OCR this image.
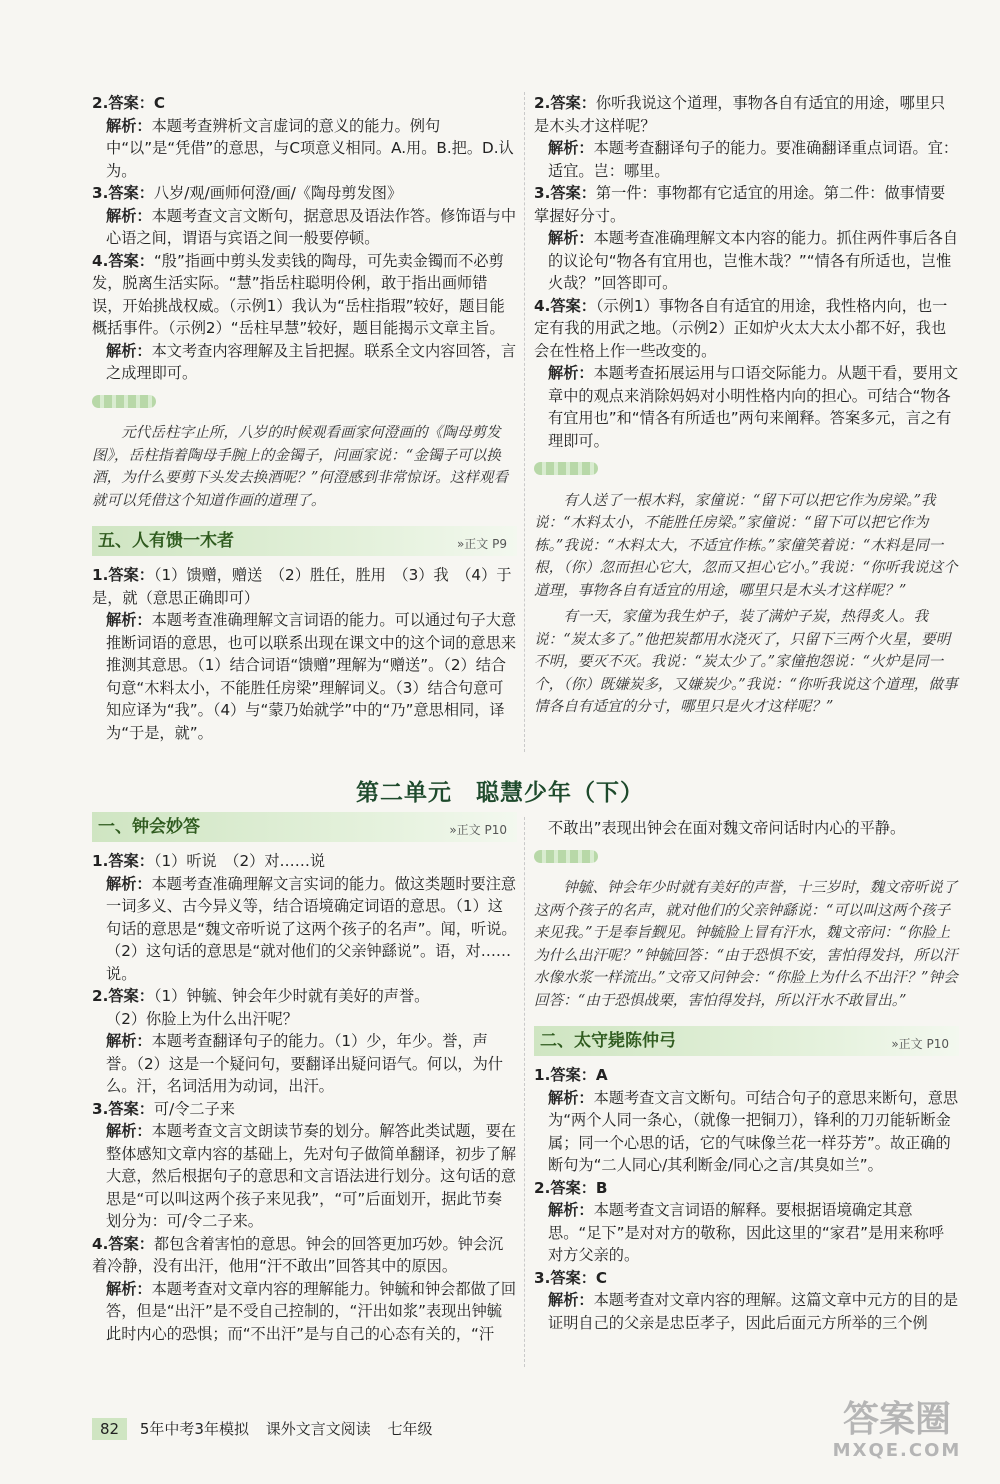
2.答案：C

解析：本题考查辨析文言虚词的意义的能力。例句中“以”是“凭借”的意思，与C项意义相同。A.用。B.把。D.认为。

3.答案：八岁/观/画师何澄/画/《陶母剪发图》

解析：本题考查文言文断句，据意思及语法作答。修饰语与中心语之间，谓语与宾语之间一般要停顿。

4.答案：“殷”指画中剪头发卖钱的陶母，可先卖金镯而不必剪发，脱离生活实际。“慧”指岳柱聪明伶俐，敢于指出画师错误，开始挑战权威。（示例1）我认为“岳柱指瑕”较好，题目能概括事件。（示例2）“岳柱早慧”较好，题目能揭示文章主旨。

解析：本文考查内容理解及主旨把握。联系全文内容回答，言之成理即可。

元代岳柱字止所，八岁的时候观看画家何澄画的《陶母剪发图》，岳柱指着陶母手腕上的金镯子，问画家说：“金镯子可以换酒，为什么要剪下头发去换酒呢？”何澄感到非常惊讶。这样观看就可以凭借这个知道作画的道理了。

五、人有馈一木者	»正文 P9

1.答案：（1）馈赠，赠送　（2）胜任，胜用　（3）我　（4）于是，就（意思正确即可）

解析：本题考查准确理解文言词语的能力。可以通过句子大意推断词语的意思，也可以联系出现在课文中的这个词的意思来推测其意思。（1）结合词语“馈赠”理解为“赠送”。（2）结合句意“木料太小，不能胜任房梁”理解词义。（3）结合句意可知应译为“我”。（4）与“蒙乃始就学”中的“乃”意思相同，译为“于是，就”。

2.答案：你听我说这个道理，事物各自有适宜的用途，哪里只是木头才这样呢？

解析：本题考查翻译句子的能力。要准确翻译重点词语。宜：适宜。岂：哪里。

3.答案：第一件：事物都有它适宜的用途。第二件：做事情要掌握好分寸。

解析：本题考查准确理解文本内容的能力。抓住两件事后各自的议论句“物各有宜用也，岂惟木哉？”“情各有所适也，岂惟火哉？”回答即可。

4.答案：（示例1）事物各自有适宜的用途，我性格内向，也一定有我的用武之地。（示例2）正如炉火太大太小都不好，我也会在性格上作一些改变的。

解析：本题考查拓展运用与口语交际能力。从题干看，要用文章中的观点来消除妈妈对小明性格内向的担心。可结合“物各有宜用也”和“情各有所适也”两句来阐释。答案多元，言之有理即可。

有人送了一根木料，家僮说：“留下可以把它作为房梁。”我说：“木料太小，不能胜任房梁。”家僮说：“留下可以把它作为栋。”我说：“木料太大，不适宜作栋。”家僮笑着说：“木料是同一根，（你）忽而担心它大，忽而又担心它小。”我说：“你听我说这个道理，事物各自有适宜的用途，哪里只是木头才这样呢？”

有一天，家僮为我生炉子，装了满炉子炭，热得炙人。我说：“炭太多了。”他把炭都用水浇灭了，只留下三两个火星，要明不明，要灭不灭。我说：“炭太少了。”家僮抱怨说：“火炉是同一个，（你）既嫌炭多，又嫌炭少。”我说：“你听我说这个道理，做事情各自有适宜的分寸，哪里只是火才这样呢？”

第二单元　聪慧少年（下）
一、钟会妙答	»正文 P10

1.答案：（1）听说　（2）对……说

解析：本题考查准确理解文言实词的能力。做这类题时要注意一词多义、古今异义等，结合语境确定词语的意思。（1）这句话的意思是“魏文帝听说了这两个孩子的名声”。闻，听说。（2）这句话的意思是“就对他们的父亲钟繇说”。语，对……说。

2.答案：（1）钟毓、钟会年少时就有美好的声誉。

（2）你脸上为什么出汗呢？

解析：本题考查翻译句子的能力。（1）少，年少。誉，声誉。（2）这是一个疑问句，要翻译出疑问语气。何以，为什么。汗，名词活用为动词，出汗。

3.答案：可/令二子来

解析：本题考查文言文朗读节奏的划分。解答此类试题，要在整体感知文章内容的基础上，先对句子做简单翻译，初步了解大意，然后根据句子的意思和文言语法进行划分。这句话的意思是“可以叫这两个孩子来见我”，“可”后面划开，据此节奏划分为：可/令二子来。

4.答案：都包含着害怕的意思。钟会的回答更加巧妙。钟会沉着冷静，没有出汗，他用“汗不敢出”回答其中的原因。

解析：本题考查对文章内容的理解能力。钟毓和钟会都做了回答，但是“出汗”是不受自己控制的，“汗出如浆”表现出钟毓此时内心的恐惧；而“不出汗”是与自己的心态有关的，“汗

不敢出”表现出钟会在面对魏文帝问话时内心的平静。

钟毓、钟会年少时就有美好的声誉，十三岁时，魏文帝听说了这两个孩子的名声，就对他们的父亲钟繇说：“可以叫这两个孩子来见我。”于是奉旨觐见。钟毓脸上冒有汗水，魏文帝问：“你脸上为什么出汗呢？”钟毓回答：“由于恐惧不安，害怕得发抖，所以汗水像水浆一样流出。”文帝又问钟会：“你脸上为什么不出汗？”钟会回答：“由于恐惧战栗，害怕得发抖，所以汗水不敢冒出。”

二、太守毙陈仲弓	»正文 P10

1.答案：A

解析：本题考查文言文断句。可结合句子的意思来断句，意思为“两个人同一条心，（就像一把铜刀），锋利的刀刃能斩断金属；同一个心思的话，它的气味像兰花一样芬芳”。故正确的断句为“二人同心/其利断金/同心之言/其臭如兰”。

2.答案：B

解析：本题考查文言词语的解释。要根据语境确定其意思。“足下”是对对方的敬称，因此这里的“家君”是用来称呼对方父亲的。

3.答案：C

解析：本题考查对文章内容的理解。这篇文章中元方的目的是证明自己的父亲是忠臣孝子，因此后面元方所举的三个例

82 5年中考3年模拟 课外文言文阅读 七年级	答案圈
MXQE.COM
